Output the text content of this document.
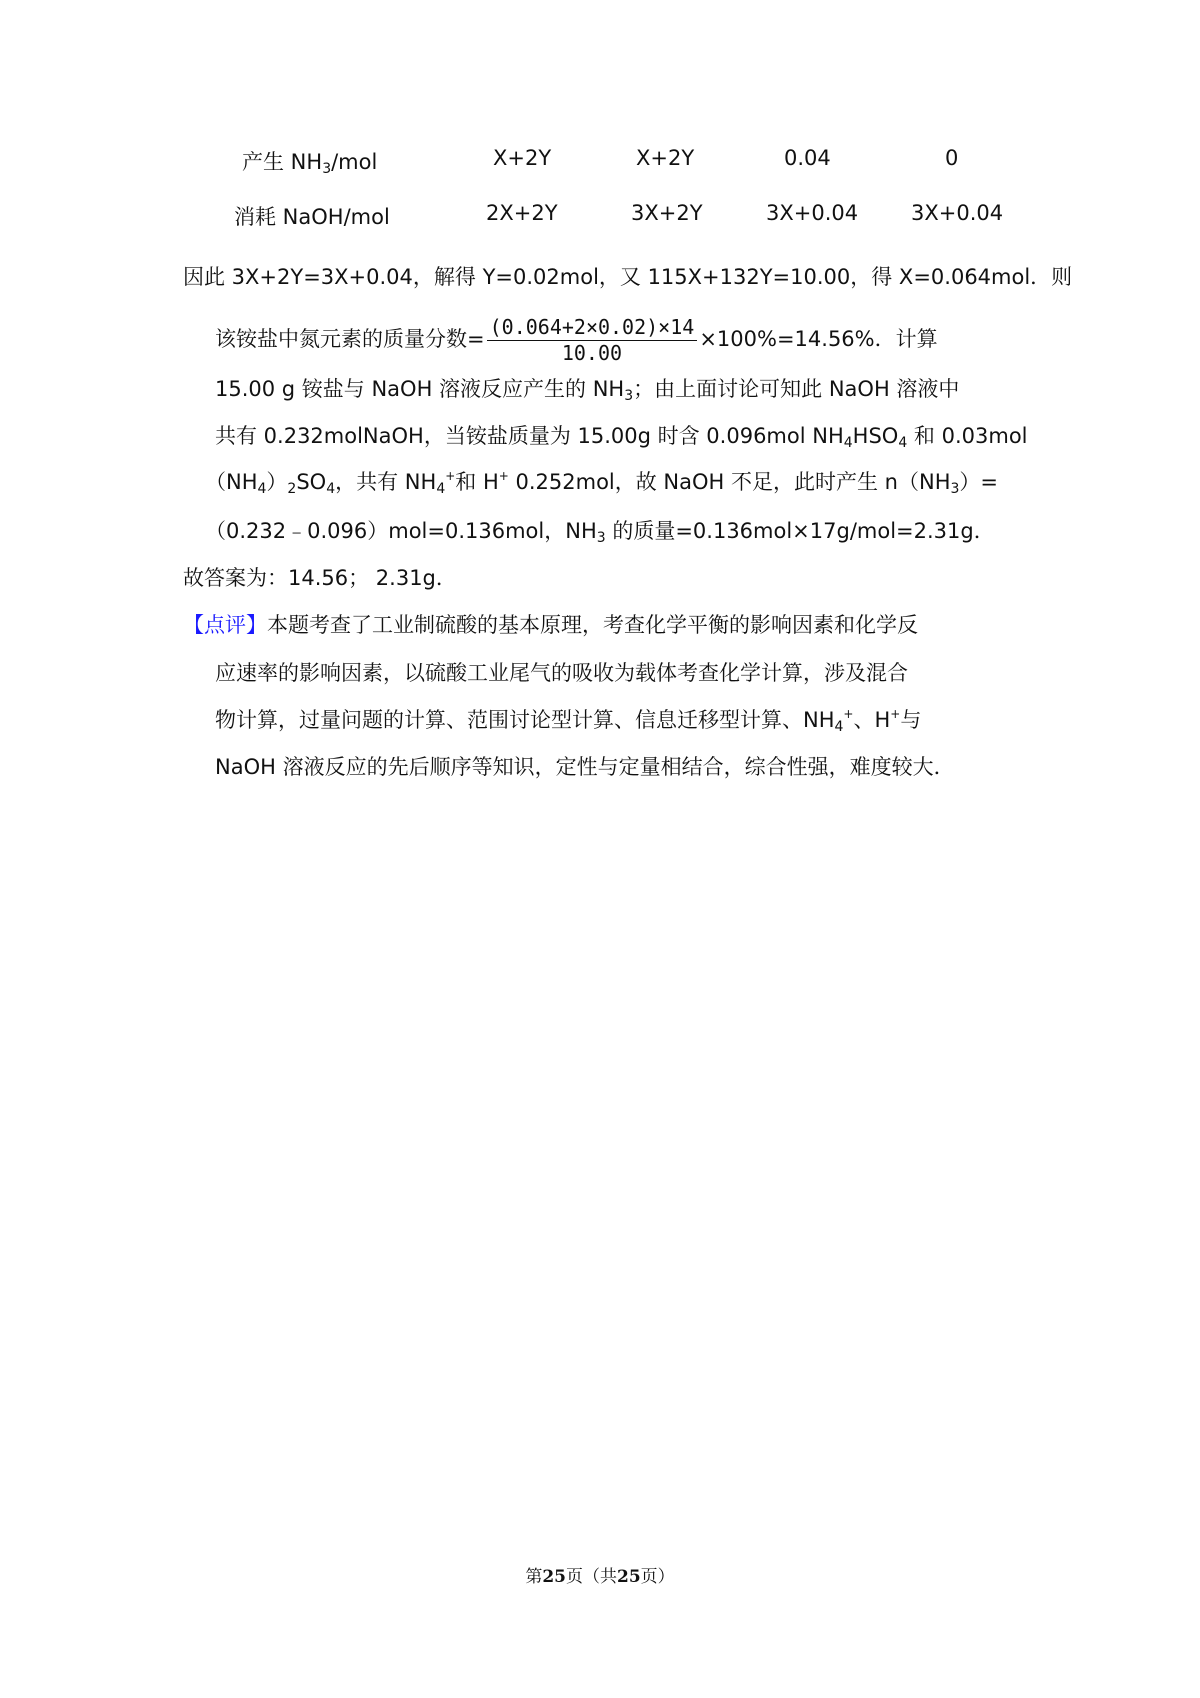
产生 $NH_3$/mol	X+2Y	X+2Y	0.04	0
消耗 NaOH/mol	2X+2Y	3X+2Y	3X+0.04	3X+0.04
因此 3X+2Y=3X+0.04，解得 Y=0.02mol，又 115X+132Y=10.00，得 X=0.064mol．则
该铵盐中氮元素的质量分数= $\frac{(0.064+2\times 0.02)\times 14}{10.00} \times 100\%=14.56\%$．计算
15.00 g 铵盐与 NaOH 溶液反应产生的 $NH_3$；由上面讨论可知此 NaOH 溶液中
共有 0.232molNaOH，当铵盐质量为 15.00g 时含 0.096mol $NH_4HSO_4$ 和 0.03mol
$(NH_4)_2SO_4$，共有 $NH_4^+$和 H+ 0.252mol，故 NaOH 不足，此时产生 $n(NH_3)=$
（0.232﹣0.096）mol=0.136mol，$NH_3$ 的质量=0.136mol×17g/mol=2.31g．
故答案为：14.56； 2.31g．
【点评】本题考查了工业制硫酸的基本原理，考查化学平衡的影响因素和化学反
应速率的影响因素，以硫酸工业尾气的吸收为载体考查化学计算，涉及混合
物计算，过量问题的计算、范围讨论型计算、信息迁移型计算、$NH_4^+$、H+与
NaOH 溶液反应的先后顺序等知识，定性与定量相结合，综合性强，难度较大．
第25页（共25页）
